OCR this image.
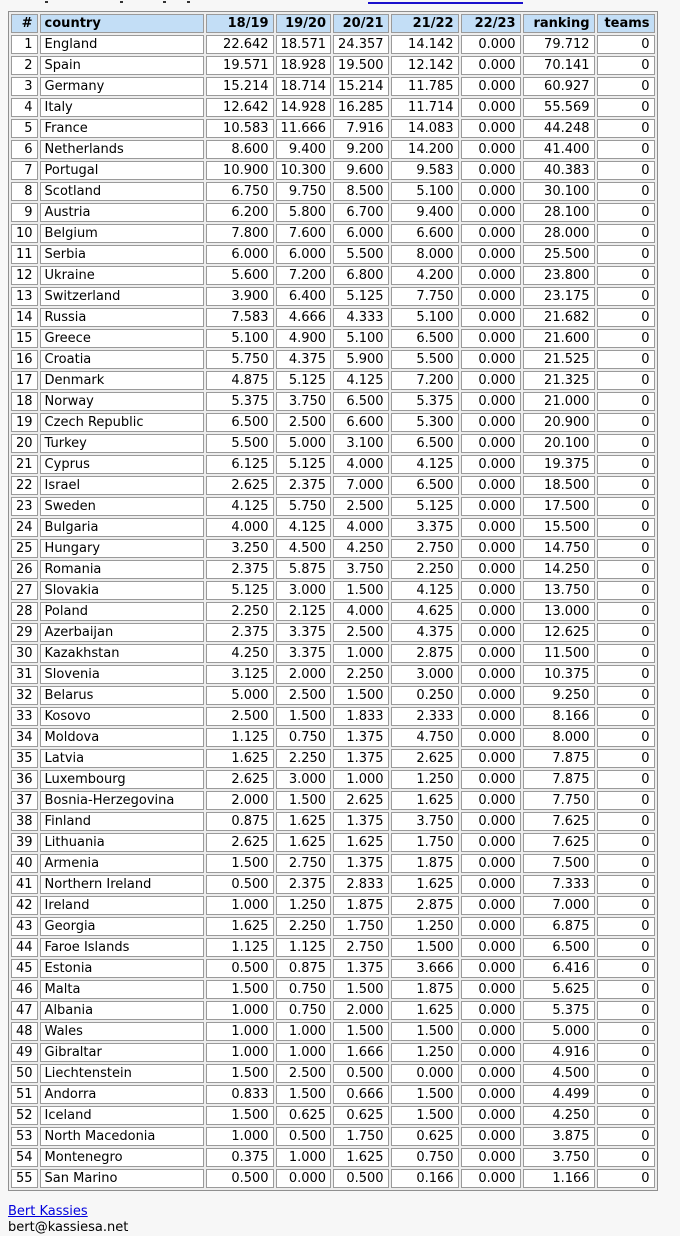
#	country	18/19	19/20	20/21	21/22	22/23	ranking	teams
1	England	22.642	18.571	24.357	14.142	0.000	79.712	0
2	Spain	19.571	18.928	19.500	12.142	0.000	70.141	0
3	Germany	15.214	18.714	15.214	11.785	0.000	60.927	0
4	Italy	12.642	14.928	16.285	11.714	0.000	55.569	0
5	France	10.583	11.666	7.916	14.083	0.000	44.248	0
6	Netherlands	8.600	9.400	9.200	14.200	0.000	41.400	0
7	Portugal	10.900	10.300	9.600	9.583	0.000	40.383	0
8	Scotland	6.750	9.750	8.500	5.100	0.000	30.100	0
9	Austria	6.200	5.800	6.700	9.400	0.000	28.100	0
10	Belgium	7.800	7.600	6.000	6.600	0.000	28.000	0
11	Serbia	6.000	6.000	5.500	8.000	0.000	25.500	0
12	Ukraine	5.600	7.200	6.800	4.200	0.000	23.800	0
13	Switzerland	3.900	6.400	5.125	7.750	0.000	23.175	0
14	Russia	7.583	4.666	4.333	5.100	0.000	21.682	0
15	Greece	5.100	4.900	5.100	6.500	0.000	21.600	0
16	Croatia	5.750	4.375	5.900	5.500	0.000	21.525	0
17	Denmark	4.875	5.125	4.125	7.200	0.000	21.325	0
18	Norway	5.375	3.750	6.500	5.375	0.000	21.000	0
19	Czech Republic	6.500	2.500	6.600	5.300	0.000	20.900	0
20	Turkey	5.500	5.000	3.100	6.500	0.000	20.100	0
21	Cyprus	6.125	5.125	4.000	4.125	0.000	19.375	0
22	Israel	2.625	2.375	7.000	6.500	0.000	18.500	0
23	Sweden	4.125	5.750	2.500	5.125	0.000	17.500	0
24	Bulgaria	4.000	4.125	4.000	3.375	0.000	15.500	0
25	Hungary	3.250	4.500	4.250	2.750	0.000	14.750	0
26	Romania	2.375	5.875	3.750	2.250	0.000	14.250	0
27	Slovakia	5.125	3.000	1.500	4.125	0.000	13.750	0
28	Poland	2.250	2.125	4.000	4.625	0.000	13.000	0
29	Azerbaijan	2.375	3.375	2.500	4.375	0.000	12.625	0
30	Kazakhstan	4.250	3.375	1.000	2.875	0.000	11.500	0
31	Slovenia	3.125	2.000	2.250	3.000	0.000	10.375	0
32	Belarus	5.000	2.500	1.500	0.250	0.000	9.250	0
33	Kosovo	2.500	1.500	1.833	2.333	0.000	8.166	0
34	Moldova	1.125	0.750	1.375	4.750	0.000	8.000	0
35	Latvia	1.625	2.250	1.375	2.625	0.000	7.875	0
36	Luxembourg	2.625	3.000	1.000	1.250	0.000	7.875	0
37	Bosnia-Herzegovina	2.000	1.500	2.625	1.625	0.000	7.750	0
38	Finland	0.875	1.625	1.375	3.750	0.000	7.625	0
39	Lithuania	2.625	1.625	1.625	1.750	0.000	7.625	0
40	Armenia	1.500	2.750	1.375	1.875	0.000	7.500	0
41	Northern Ireland	0.500	2.375	2.833	1.625	0.000	7.333	0
42	Ireland	1.000	1.250	1.875	2.875	0.000	7.000	0
43	Georgia	1.625	2.250	1.750	1.250	0.000	6.875	0
44	Faroe Islands	1.125	1.125	2.750	1.500	0.000	6.500	0
45	Estonia	0.500	0.875	1.375	3.666	0.000	6.416	0
46	Malta	1.500	0.750	1.500	1.875	0.000	5.625	0
47	Albania	1.000	0.750	2.000	1.625	0.000	5.375	0
48	Wales	1.000	1.000	1.500	1.500	0.000	5.000	0
49	Gibraltar	1.000	1.000	1.666	1.250	0.000	4.916	0
50	Liechtenstein	1.500	2.500	0.500	0.000	0.000	4.500	0
51	Andorra	0.833	1.500	0.666	1.500	0.000	4.499	0
52	Iceland	1.500	0.625	0.625	1.500	0.000	4.250	0
53	North Macedonia	1.000	0.500	1.750	0.625	0.000	3.875	0
54	Montenegro	0.375	1.000	1.625	0.750	0.000	3.750	0
55	San Marino	0.500	0.000	0.500	0.166	0.000	1.166	0
Bert Kassies
bert@kassiesa.net
